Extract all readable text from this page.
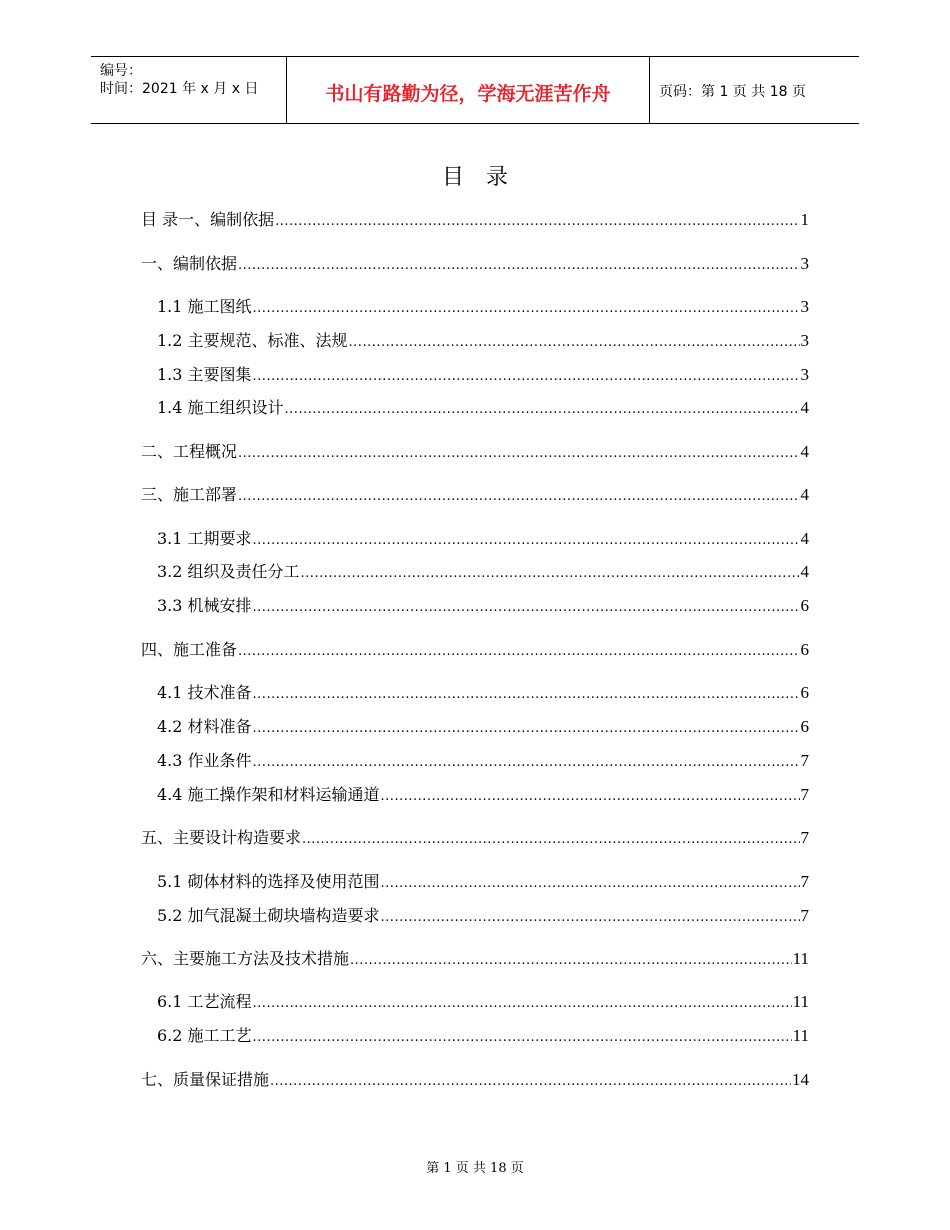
编号：
时间：2021 年 x 月 x 日	书山有路勤为径，学海无涯苦作舟	页码：第 1 页 共 18 页
目 录
目 录一、编制依据 .....	1
一、编制依据 .....	3
1.1 施工图纸 .....	3
1.2 主要规范、标准、法规 .....	3
1.3 主要图集 .....	3
1.4 施工组织设计 .....	4
二、工程概况 .....	4
三、施工部署 .....	4
3.1 工期要求 .....	4
3.2 组织及责任分工 .....	4
3.3 机械安排 .....	6
四、施工准备 .....	6
4.1 技术准备 .....	6
4.2 材料准备 .....	6
4.3 作业条件 .....	7
4.4 施工操作架和材料运输通道 .....	7
五、主要设计构造要求 .....	7
5.1 砌体材料的选择及使用范围 .....	7
5.2 加气混凝土砌块墙构造要求 .....	7
六、主要施工方法及技术措施 .....	11
6.1 工艺流程 .....	11
6.2 施工工艺 .....	11
七、质量保证措施 .....	14
第 1 页 共 18 页
